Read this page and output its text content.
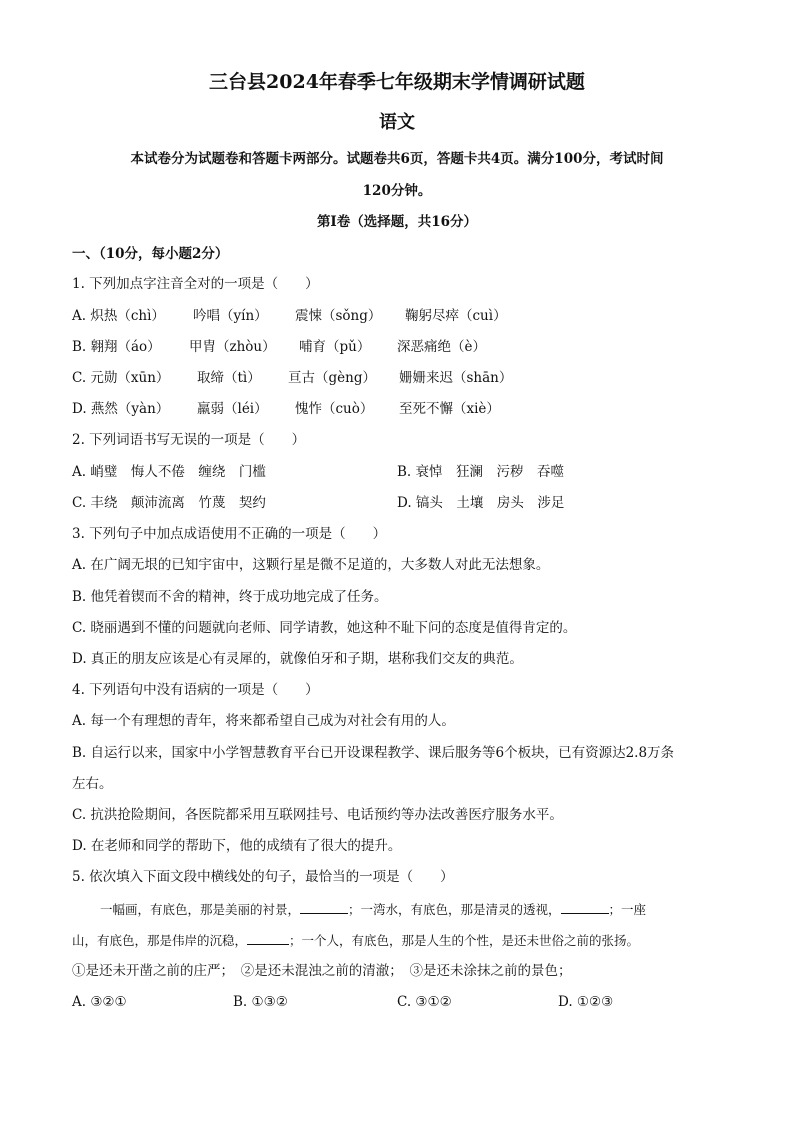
三台县2024年春季七年级期末学情调研试题
语文
本试卷分为试题卷和答题卡两部分。试题卷共6页，答题卡共4页。满分100分，考试时间
120分钟。
第Ⅰ卷（选择题，共16分）
一、（10分，每小题2分）
1. 下列加点字注音全对的一项是（　　）
A. 炽热（chì） 吟唱（yín） 震悚（sǒng） 鞠躬尽瘁（cuì）
B. 翱翔（áo） 甲胄（zhòu） 哺育（pǔ） 深恶痛绝（è）
C. 元勋（xūn） 取缔（tì） 亘古（gèng） 姗姗来迟（shān）
D. 燕然（yàn） 羸弱（léi） 愧怍（cuò） 至死不懈（xiè）
2. 下列词语书写无误的一项是（　　）
A. 峭璧　悔人不倦　缠绕　门槛	B. 衰悼　狂澜　污秽　吞噬
C. 丰绕　颠沛流离　竹蔑　契约	D. 镐头　土壤　房头　涉足
3. 下列句子中加点成语使用不正确的一项是（　　）
A. 在广阔无垠的已知宇宙中，这颗行星是微不足道的，大多数人对此无法想象。
B. 他凭着锲而不舍的精神，终于成功地完成了任务。
C. 晓丽遇到不懂的问题就向老师、同学请教，她这种不耻下问的态度是值得肯定的。
D. 真正的朋友应该是心有灵犀的，就像伯牙和子期，堪称我们交友的典范。
4. 下列语句中没有语病的一项是（　　）
A. 每一个有理想的青年，将来都希望自己成为对社会有用的人。
B. 自运行以来，国家中小学智慧教育平台已开设课程教学、课后服务等6个板块，已有资源达2.8万条
左右。
C. 抗洪抢险期间，各医院都采用互联网挂号、电话预约等办法改善医疗服务水平。
D. 在老师和同学的帮助下，他的成绩有了很大的提升。
5. 依次填入下面文段中横线处的句子，最恰当的一项是（　　）
一幅画，有底色，那是美丽的衬景，	；一湾水，有底色，那是清灵的透视，	；一座
山，有底色，那是伟岸的沉稳，	；一个人，有底色，那是人生的个性，是还未世俗之前的张扬。
①是还未开凿之前的庄严；　②是还未混浊之前的清澈；　③是还未涂抹之前的景色；
A. ③②①	B. ①③②	C. ③①②	D. ①②③
